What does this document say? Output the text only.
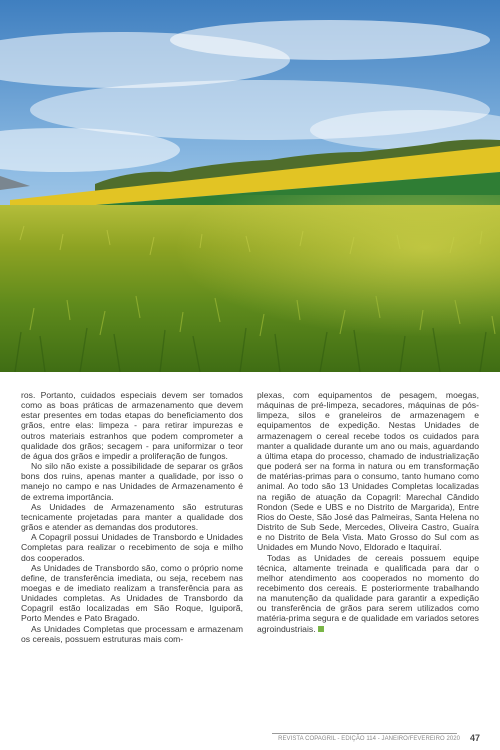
ros. Portanto, cuidados especiais devem ser tomados como as boas práticas de armazenamento que devem estar presentes em todas etapas do beneficiamento dos grãos, entre elas: limpeza - para retirar impurezas e outros materiais estranhos que podem comprometer a qualidade dos grãos; secagem - para uniformizar o teor de água dos grãos e impedir a proliferação de fungos.

No silo não existe a possibilidade de separar os grãos bons dos ruins, apenas manter a qualidade, por isso o manejo no campo e nas Unidades de Armazenamento é de extrema importância.

As Unidades de Armazenamento são estruturas tecnicamente projetadas para manter a qualidade dos grãos e atender as demandas dos produtores.

A Copagril possui Unidades de Transbordo e Unidades Completas para realizar o recebimento de soja e milho dos cooperados.

As Unidades de Transbordo são, como o próprio nome define, de transferência imediata, ou seja, recebem nas moegas e de imediato realizam a transferência para as Unidades completas. As Unidades de Transbordo da Copagril estão localizadas em São Roque, Iguiporã, Porto Mendes e Pato Bragado.

As Unidades Completas que processam e armazenam os cereais, possuem estruturas mais com-

plexas, com equipamentos de pesagem, moegas, máquinas de pré-limpeza, secadores, máquinas de pós-limpeza, silos e graneleiros de armazenagem e equipamentos de expedição. Nestas Unidades de armazenagem o cereal recebe todos os cuidados para manter a qualidade durante um ano ou mais, aguardando a última etapa do processo, chamado de industrialização que poderá ser na forma in natura ou em transformação de matérias-primas para o consumo, tanto humano como animal. Ao todo são 13 Unidades Completas localizadas na região de atuação da Copagril: Marechal Cândido Rondon (Sede e UBS e no Distrito de Margarida), Entre Rios do Oeste, São José das Palmeiras, Santa Helena no Distrito de Sub Sede, Mercedes, Oliveira Castro, Guaíra e no Distrito de Bela Vista. Mato Grosso do Sul com as Unidades em Mundo Novo, Eldorado e Itaquiraí.

Todas as Unidades de cereais possuem equipe técnica, altamente treinada e qualificada para dar o melhor atendimento aos cooperados no momento do recebimento dos cereais. E posteriormente trabalhando na manutenção da qualidade para garantir a expedição ou transferência de grãos para serem utilizados como matéria-prima segura e de qualidade em variados setores agroindustriais.

REVISTA COPAGRIL - EDIÇÃO 114 - JANEIRO/FEVEREIRO 2020 47
